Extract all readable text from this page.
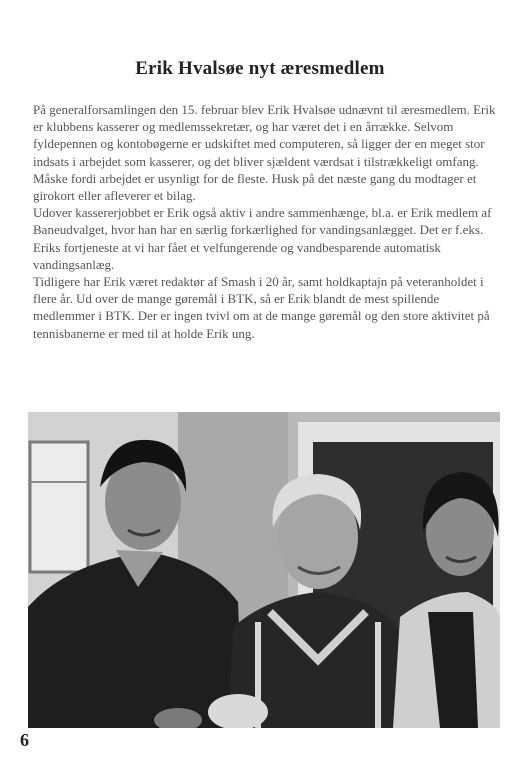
Erik Hvalsøe nyt æresmedlem

På generalforsamlingen den 15. februar blev Erik Hvalsøe udnævnt til æresmedlem. Erik er klubbens kasserer og medlemssekretær, og har været det i en årrække. Selvom fyldepennen og kontobøgerne er udskiftet med computeren, så ligger der en meget stor indsats i arbejdet som kasserer, og det bliver sjældent værdsat i tilstrækkeligt omfang. Måske fordi arbejdet er usynligt for de fleste. Husk på det næste gang du modtager et girokort eller afleverer et bilag.

Udover kassererjobbet er Erik også aktiv i andre sammenhænge, bl.a. er Erik medlem af Baneudvalget, hvor han har en særlig forkærlighed for vandingsanlægget. Det er f.eks. Eriks fortjeneste at vi har fået et velfungerende og vandbesparende automatisk vandingsanlæg.

Tidligere har Erik været redaktør af Smash i 20 år, samt holdkaptajn på veteranholdet i flere år. Ud over de mange gøremål i BTK, så er Erik blandt de mest spillende medlemmer i BTK. Der er ingen tvivl om at de mange gøremål og den store aktivitet på tennisbanerne er med til at holde Erik ung.

6
